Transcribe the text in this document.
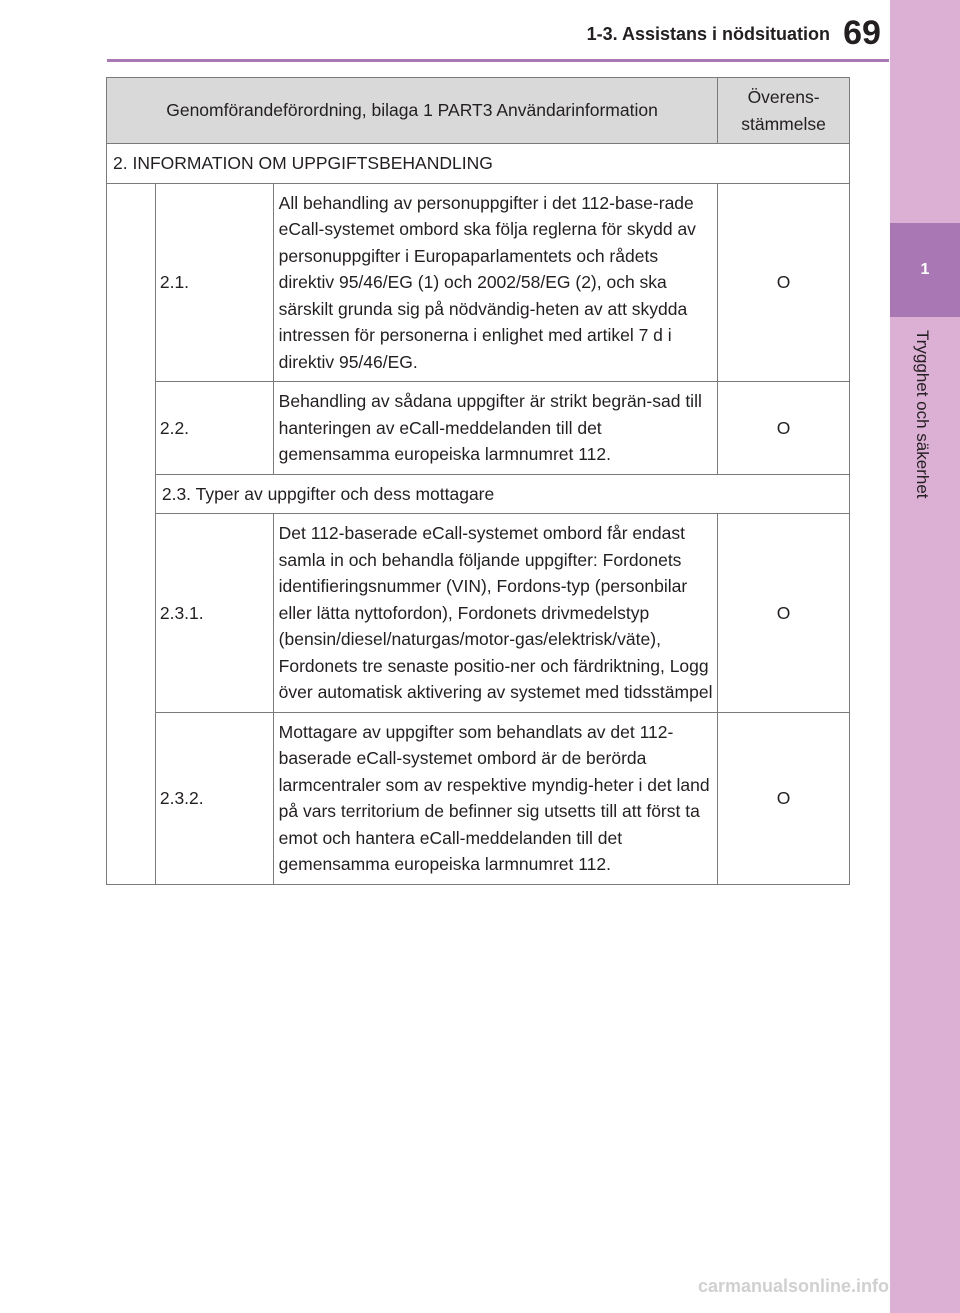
1-3. Assistans i nödsituation 69
1
Trygghet och säkerhet
Genomförandeförordning, bilaga 1 PART3 Användarinformation			Överens-stämmelse
2. INFORMATION OM UPPGIFTSBEHANDLING			
	2.1.	All behandling av personuppgifter i det 112-base-rade eCall-systemet ombord ska följa reglerna för skydd av personuppgifter i Europaparlamentets och rådets direktiv 95/46/EG (1) och 2002/58/EG (2), och ska särskilt grunda sig på nödvändig-heten av att skydda intressen för personerna i enlighet med artikel 7 d i direktiv 95/46/EG.	O
	2.2.	Behandling av sådana uppgifter är strikt begrän-sad till hanteringen av eCall-meddelanden till det gemensamma europeiska larmnumret 112.	O
	2.3. Typer av uppgifter och dess mottagare		
	2.3.1.	Det 112-baserade eCall-systemet ombord får endast samla in och behandla följande uppgifter: Fordonets identifieringsnummer (VIN), Fordons-typ (personbilar eller lätta nyttofordon), Fordonets drivmedelstyp (bensin/diesel/naturgas/motor-gas/elektrisk/väte), Fordonets tre senaste positio-ner och färdriktning, Logg över automatisk aktivering av systemet med tidsstämpel	O
	2.3.2.	Mottagare av uppgifter som behandlats av det 112-baserade eCall-systemet ombord är de berörda larmcentraler som av respektive myndig-heter i det land på vars territorium de befinner sig utsetts till att först ta emot och hantera eCall-meddelanden till det gemensamma europeiska larmnumret 112.	O
carmanualsonline.info
